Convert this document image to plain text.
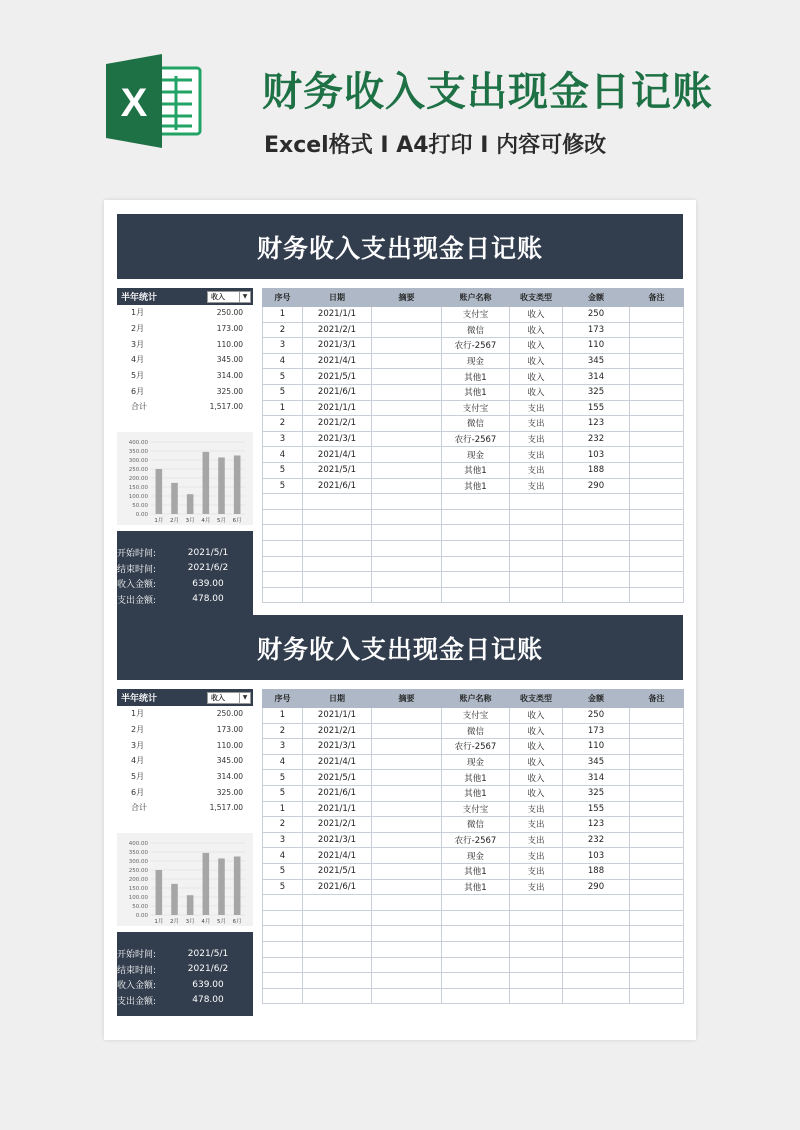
X	财务收入支出现金日记账
Excel格式 I A4打印 I 内容可修改
财务收入支出现金日记账
半年统计	收入	▼
1月	250.00
2月	173.00
3月	110.00
4月	345.00
5月	314.00
6月	325.00
合计	1,517.00
400.00
350.00
300.00
250.00
200.00
150.00
100.00
50.00
0.00
1月 2月 3月 4月 5月 6月
开始时间:	2021/5/1
结束时间:	2021/6/2
收入金额:	639.00
支出金额:	478.00
序号	日期	摘要	账户名称	收支类型	金额	备注
1	2021/1/1		支付宝	收入	250	
2	2021/2/1		微信	收入	173	
3	2021/3/1		农行-2567	收入	110	
4	2021/4/1		现金	收入	345	
5	2021/5/1		其他1	收入	314	
5	2021/6/1		其他1	收入	325	
1	2021/1/1		支付宝	支出	155	
2	2021/2/1		微信	支出	123	
3	2021/3/1		农行-2567	支出	232	
4	2021/4/1		现金	支出	103	
5	2021/5/1		其他1	支出	188	
5	2021/6/1		其他1	支出	290	

财务收入支出现金日记账
半年统计	收入	▼
1月	250.00
2月	173.00
3月	110.00
4月	345.00
5月	314.00
6月	325.00
合计	1,517.00
400.00
350.00
300.00
250.00
200.00
150.00
100.00
50.00
0.00
1月 2月 3月 4月 5月 6月
开始时间:	2021/5/1
结束时间:	2021/6/2
收入金额:	639.00
支出金额:	478.00
序号	日期	摘要	账户名称	收支类型	金额	备注
1	2021/1/1		支付宝	收入	250	
2	2021/2/1		微信	收入	173	
3	2021/3/1		农行-2567	收入	110	
4	2021/4/1		现金	收入	345	
5	2021/5/1		其他1	收入	314	
5	2021/6/1		其他1	收入	325	
1	2021/1/1		支付宝	支出	155	
2	2021/2/1		微信	支出	123	
3	2021/3/1		农行-2567	支出	232	
4	2021/4/1		现金	支出	103	
5	2021/5/1		其他1	支出	188	
5	2021/6/1		其他1	支出	290	
